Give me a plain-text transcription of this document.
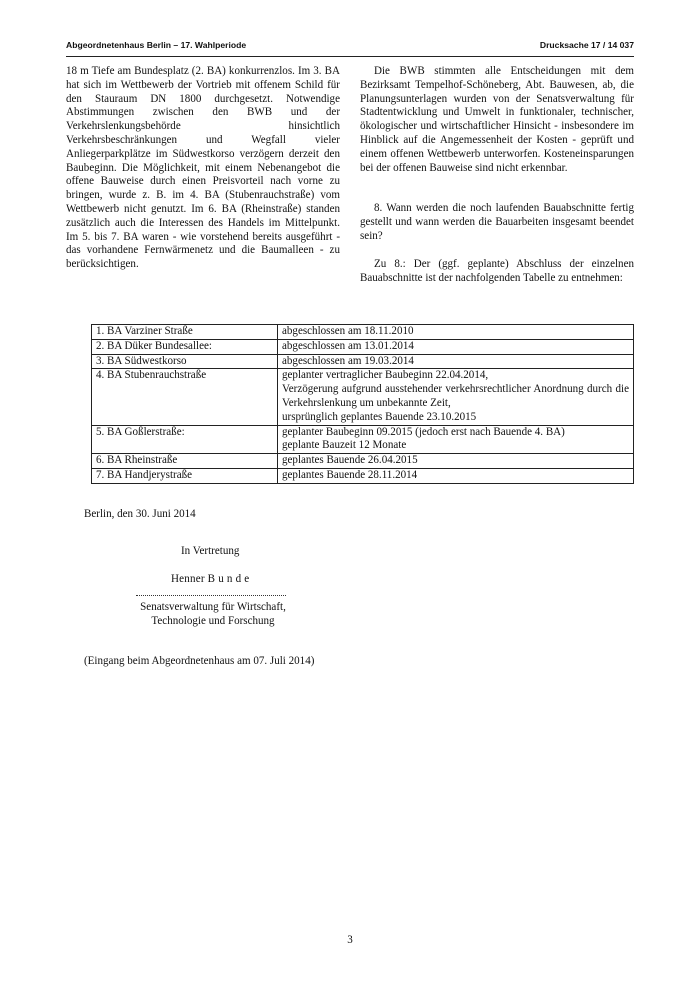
Abgeordnetenhaus Berlin – 17. Wahlperiode	Drucksache 17 / 14 037

18 m Tiefe am Bundesplatz (2. BA) konkurrenzlos. Im 3. BA hat sich im Wettbewerb der Vortrieb mit offenem Schild für den Stauraum DN 1800 durchgesetzt. Notwendige Abstimmungen zwischen den BWB und der Verkehrslenkungsbehörde hinsichtlich Verkehrsbeschränkungen und Wegfall vieler Anliegerparkplätze im Südwestkorso verzögern derzeit den Baubeginn. Die Möglichkeit, mit einem Nebenangebot die offene Bauweise durch einen Preisvorteil nach vorne zu bringen, wurde z. B. im 4. BA (Stubenrauchstraße) vom Wettbewerb nicht genutzt. Im 6. BA (Rheinstraße) standen zusätzlich auch die Interessen des Handels im Mittelpunkt. Im 5. bis 7. BA waren - wie vorstehend bereits ausgeführt - das vorhandene Fernwärmenetz und die Baumalleen - zu berücksichtigen.

Die BWB stimmten alle Entscheidungen mit dem Bezirksamt Tempelhof-Schöneberg, Abt. Bauwesen, ab, die Planungsunterlagen wurden von der Senatsverwaltung für Stadtentwicklung und Umwelt in funktionaler, technischer, ökologischer und wirtschaftlicher Hinsicht - insbesondere im Hinblick auf die Angemessenheit der Kosten - geprüft und einem offenen Wettbewerb unterworfen. Kosteneinsparungen bei der offenen Bauweise sind nicht erkennbar.

8. Wann werden die noch laufenden Bauabschnitte fertig gestellt und wann werden die Bauarbeiten insgesamt beendet sein?

Zu 8.: Der (ggf. geplante) Abschluss der einzelnen Bauabschnitte ist der nachfolgenden Tabelle zu entnehmen:

1. BA Varziner Straße	abgeschlossen am 18.11.2010

2. BA Düker Bundesallee:	abgeschlossen am 13.01.2014

3. BA Südwestkorso	abgeschlossen am 19.03.2014

4. BA Stubenrauchstraße	geplanter vertraglicher Baubeginn 22.04.2014,
Verzögerung aufgrund ausstehender verkehrsrechtlicher Anordnung durch die Verkehrslenkung um unbekannte Zeit,
ursprünglich geplantes Bauende 23.10.2015

5. BA Goßlerstraße:	geplanter Baubeginn 09.2015 (jedoch erst nach Bauende 4. BA)
geplante Bauzeit 12 Monate

6. BA Rheinstraße	geplantes Bauende 26.04.2015

7. BA Handjerystraße	geplantes Bauende 28.11.2014
Berlin, den 30. Juni 2014
In Vertretung
Henner B u n d e
Senatsverwaltung für Wirtschaft,
Technologie und Forschung
(Eingang beim Abgeordnetenhaus am 07. Juli 2014)
3
